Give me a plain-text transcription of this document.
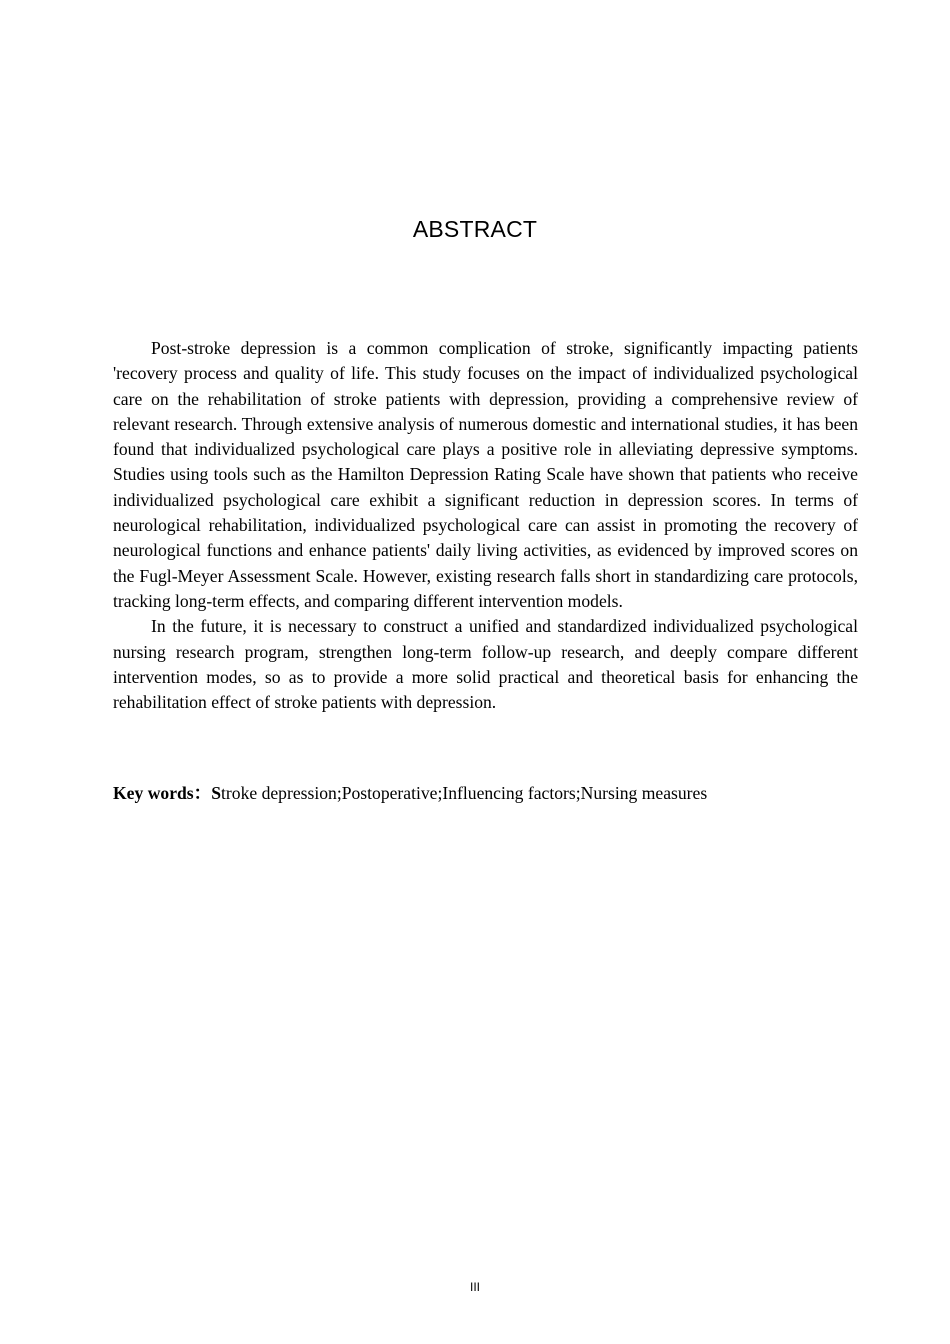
ABSTRACT

Post-stroke depression is a common complication of stroke, significantly impacting patients 'recovery process and quality of life. This study focuses on the impact of individualized psychological care on the rehabilitation of stroke patients with depression, providing a comprehensive review of relevant research. Through extensive analysis of numerous domestic and international studies, it has been found that individualized psychological care plays a positive role in alleviating depressive symptoms. Studies using tools such as the Hamilton Depression Rating Scale have shown that patients who receive individualized psychological care exhibit a significant reduction in depression scores. In terms of neurological rehabilitation, individualized psychological care can assist in promoting the recovery of neurological functions and enhance patients' daily living activities, as evidenced by improved scores on the Fugl-Meyer Assessment Scale. However, existing research falls short in standardizing care protocols, tracking long-term effects, and comparing different intervention models.

In the future, it is necessary to construct a unified and standardized individualized psychological nursing research program, strengthen long-term follow-up research, and deeply compare different intervention modes, so as to provide a more solid practical and theoretical basis for enhancing the rehabilitation effect of stroke patients with depression.

Key words：Stroke depression;Postoperative;Influencing factors;Nursing measures
III
